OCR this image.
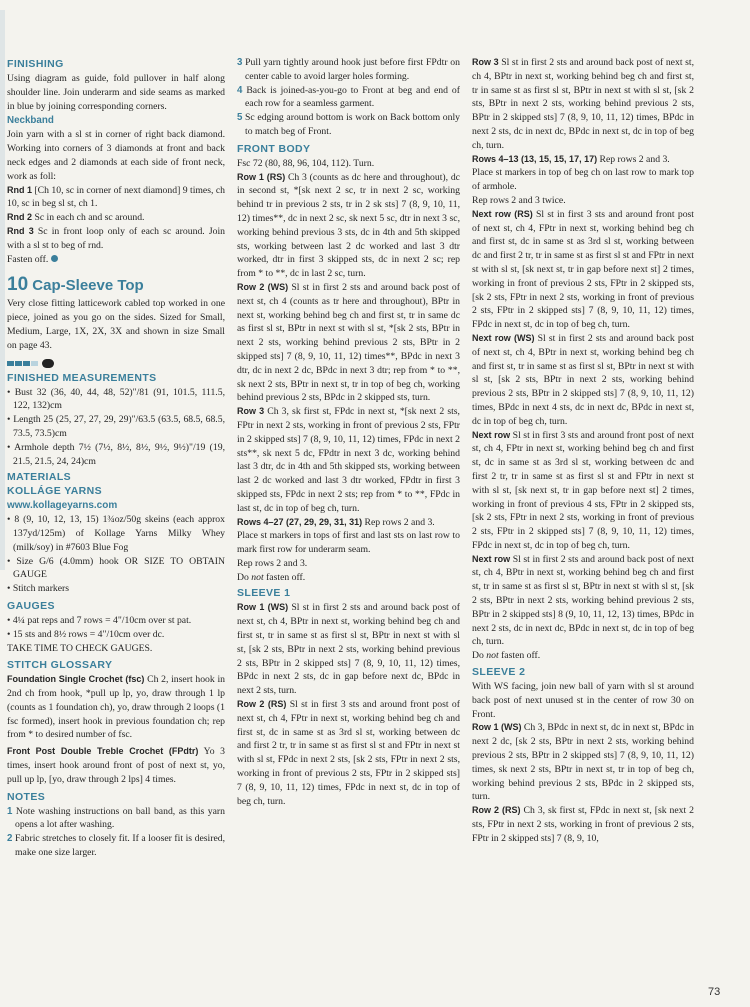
FINISHING

Using diagram as guide, fold pullover in half along shoulder line. Join underarm and side seams as marked in blue by joining corresponding corners.

Neckband

Join yarn with a sl st in corner of right back diamond. Working into corners of 3 diamonds at front and back neck edges and 2 diamonds at each side of front neck, work as foll:

Rnd 1 [Ch 10, sc in corner of next diamond] 9 times, ch 10, sc in beg sl st, ch 1.

Rnd 2 Sc in each ch and sc around.

Rnd 3 Sc in front loop only of each sc around. Join with a sl st to beg of rnd.

Fasten off.

10 Cap-Sleeve Top

Very close fitting latticework cabled top worked in one piece, joined as you go on the sides. Sized for Small, Medium, Large, 1X, 2X, 3X and shown in size Small on page 43.

FINISHED MEASUREMENTS

• Bust 32 (36, 40, 44, 48, 52)"/81 (91, 101.5, 111.5, 122, 132)cm

• Length 25 (25, 27, 27, 29, 29)"/63.5 (63.5, 68.5, 68.5, 73.5, 73.5)cm

• Armhole depth 7½ (7½, 8½, 8½, 9½, 9½)"/19 (19, 21.5, 21.5, 24, 24)cm

MATERIALS
KOLLÁGE YARNS
www.kollageyarns.com

• 8 (9, 10, 12, 13, 15) 1¾oz/50g skeins (each approx 137yd/125m) of Kollage Yarns Milky Whey (milk/soy) in #7603 Blue Fog

• Size G/6 (4.0mm) hook OR SIZE TO OBTAIN GAUGE

• Stitch markers

GAUGES

• 4¼ pat reps and 7 rows = 4"/10cm over st pat.

• 15 sts and 8½ rows = 4"/10cm over dc.

TAKE TIME TO CHECK GAUGES.

STITCH GLOSSARY

Foundation Single Crochet (fsc) Ch 2, insert hook in 2nd ch from hook, *pull up lp, yo, draw through 1 lp (counts as 1 foundation ch), yo, draw through 2 loops (1 fsc formed), insert hook in previous foundation ch; rep from * to desired number of fsc.

Front Post Double Treble Crochet (FPdtr) Yo 3 times, insert hook around front of post of next st, yo, pull up lp, [yo, draw through 2 lps] 4 times.

NOTES

1 Note washing instructions on ball band, as this yarn opens a lot after washing.

2 Fabric stretches to closely fit. If a looser fit is desired, make one size larger.

3 Pull yarn tightly around hook just before first FPdtr on center cable to avoid larger holes forming.

4 Back is joined-as-you-go to Front at beg and end of each row for a seamless garment.

5 Sc edging around bottom is work on Back bottom only to match beg of Front.

FRONT BODY

Fsc 72 (80, 88, 96, 104, 112). Turn.

Row 1 (RS) Ch 3 (counts as dc here and throughout), dc in second st, *[sk next 2 sc, tr in next 2 sc, working behind tr in previous 2 sts, tr in 2 sk sts] 7 (8, 9, 10, 11, 12) times**, dc in next 2 sc, sk next 5 sc, dtr in next 3 sc, working behind previous 3 sts, dc in 4th and 5th skipped sts, working between last 2 dc worked and last 3 dtr worked, dtr in first 3 skipped sts, dc in next 2 sc; rep from * to **, dc in last 2 sc, turn.

Row 2 (WS) Sl st in first 2 sts and around back post of next st, ch 4 (counts as tr here and throughout), BPtr in next st, working behind beg ch and first st, tr in same dc as first sl st, BPtr in next st with sl st, *[sk 2 sts, BPtr in next 2 sts, working behind previous 2 sts, BPtr in 2 skipped sts] 7 (8, 9, 10, 11, 12) times**, BPdc in next 3 dtr, dc in next 2 dc, BPdc in next 3 dtr; rep from * to **, sk next 2 sts, BPtr in next st, tr in top of beg ch, working behind previous 2 sts, BPdc in 2 skipped sts, turn.

Row 3 Ch 3, sk first st, FPdc in next st, *[sk next 2 sts, FPtr in next 2 sts, working in front of previous 2 sts, FPtr in 2 skipped sts] 7 (8, 9, 10, 11, 12) times, FPdc in next 2 sts**, sk next 5 dc, FPdtr in next 3 dc, working behind last 3 dtr, dc in 4th and 5th skipped sts, working between last 2 dc worked and last 3 dtr worked, FPdtr in first 3 skipped sts, FPdc in next 2 sts; rep from * to **, FPdc in last st, dc in top of beg ch, turn.

Rows 4–27 (27, 29, 29, 31, 31) Rep rows 2 and 3.

Place st markers in tops of first and last sts on last row to mark first row for underarm seam.

Rep rows 2 and 3.

Do not fasten off.

SLEEVE 1

Row 1 (WS) Sl st in first 2 sts and around back post of next st, ch 4, BPtr in next st, working behind beg ch and first st, tr in same st as first sl st, BPtr in next st with sl st, [sk 2 sts, BPtr in next 2 sts, working behind previous 2 sts, BPtr in 2 skipped sts] 7 (8, 9, 10, 11, 12) times, BPdc in next 2 sts, dc in gap before next dc, BPdc in next 2 sts, turn.

Row 2 (RS) Sl st in first 3 sts and around front post of next st, ch 4, FPtr in next st, working behind beg ch and first st, dc in same st as 3rd sl st, working between dc and first 2 tr, tr in same st as first sl st and FPtr in next st with sl st, FPdc in next 2 sts, [sk 2 sts, FPtr in next 2 sts, working in front of previous 2 sts, FPtr in 2 skipped sts] 7 (8, 9, 10, 11, 12) times, FPdc in next st, dc in top of beg ch, turn.

Row 3 Sl st in first 2 sts and around back post of next st, ch 4, BPtr in next st, working behind beg ch and first st, tr in same st as first sl st, BPtr in next st with sl st, [sk 2 sts, BPtr in next 2 sts, working behind previous 2 sts, BPtr in 2 skipped sts] 7 (8, 9, 10, 11, 12) times, BPdc in next 2 sts, dc in next dc, BPdc in next st, dc in top of beg ch, turn.

Rows 4–13 (13, 15, 15, 17, 17) Rep rows 2 and 3.

Place st markers in top of beg ch on last row to mark top of armhole.

Rep rows 2 and 3 twice.

Next row (RS) Sl st in first 3 sts and around front post of next st, ch 4, FPtr in next st, working behind beg ch and first st, dc in same st as 3rd sl st, working between dc and first 2 tr, tr in same st as first sl st and FPtr in next st with sl st, [sk next st, tr in gap before next st] 2 times, working in front of previous 2 sts, FPtr in 2 skipped sts, [sk 2 sts, FPtr in next 2 sts, working in front of previous 2 sts, FPtr in 2 skipped sts] 7 (8, 9, 10, 11, 12) times, FPdc in next st, dc in top of beg ch, turn.

Next row (WS) Sl st in first 2 sts and around back post of next st, ch 4, BPtr in next st, working behind beg ch and first st, tr in same st as first sl st, BPtr in next st with sl st, [sk 2 sts, BPtr in next 2 sts, working behind previous 2 sts, BPtr in 2 skipped sts] 7 (8, 9, 10, 11, 12) times, BPdc in next 4 sts, dc in next dc, BPdc in next st, dc in top of beg ch, turn.

Next row Sl st in first 3 sts and around front post of next st, ch 4, FPtr in next st, working behind beg ch and first st, dc in same st as 3rd sl st, working between dc and first 2 tr, tr in same st as first sl st and FPtr in next st with sl st, [sk next st, tr in gap before next st] 2 times, working in front of previous 4 sts, FPtr in 2 skipped sts, [sk 2 sts, FPtr in next 2 sts, working in front of previous 2 sts, FPtr in 2 skipped sts] 7 (8, 9, 10, 11, 12) times, FPdc in next st, dc in top of beg ch, turn.

Next row Sl st in first 2 sts and around back post of next st, ch 4, BPtr in next st, working behind beg ch and first st, tr in same st as first sl st, BPtr in next st with sl st, [sk 2 sts, BPtr in next 2 sts, working behind previous 2 sts, BPtr in 2 skipped sts] 8 (9, 10, 11, 12, 13) times, BPdc in next 2 sts, dc in next dc, BPdc in next st, dc in top of beg ch, turn.

Do not fasten off.

SLEEVE 2

With WS facing, join new ball of yarn with sl st around back post of next unused st in the center of row 30 on Front.

Row 1 (WS) Ch 3, BPdc in next st, dc in next st, BPdc in next 2 dc, [sk 2 sts, BPtr in next 2 sts, working behind previous 2 sts, BPtr in 2 skipped sts] 7 (8, 9, 10, 11, 12) times, sk next 2 sts, BPtr in next st, tr in top of beg ch, working behind previous 2 sts, BPdc in 2 skipped sts, turn.

Row 2 (RS) Ch 3, sk first st, FPdc in next st, [sk next 2 sts, FPtr in next 2 sts, working in front of previous 2 sts, FPtr in 2 skipped sts] 7 (8, 9, 10,

73
